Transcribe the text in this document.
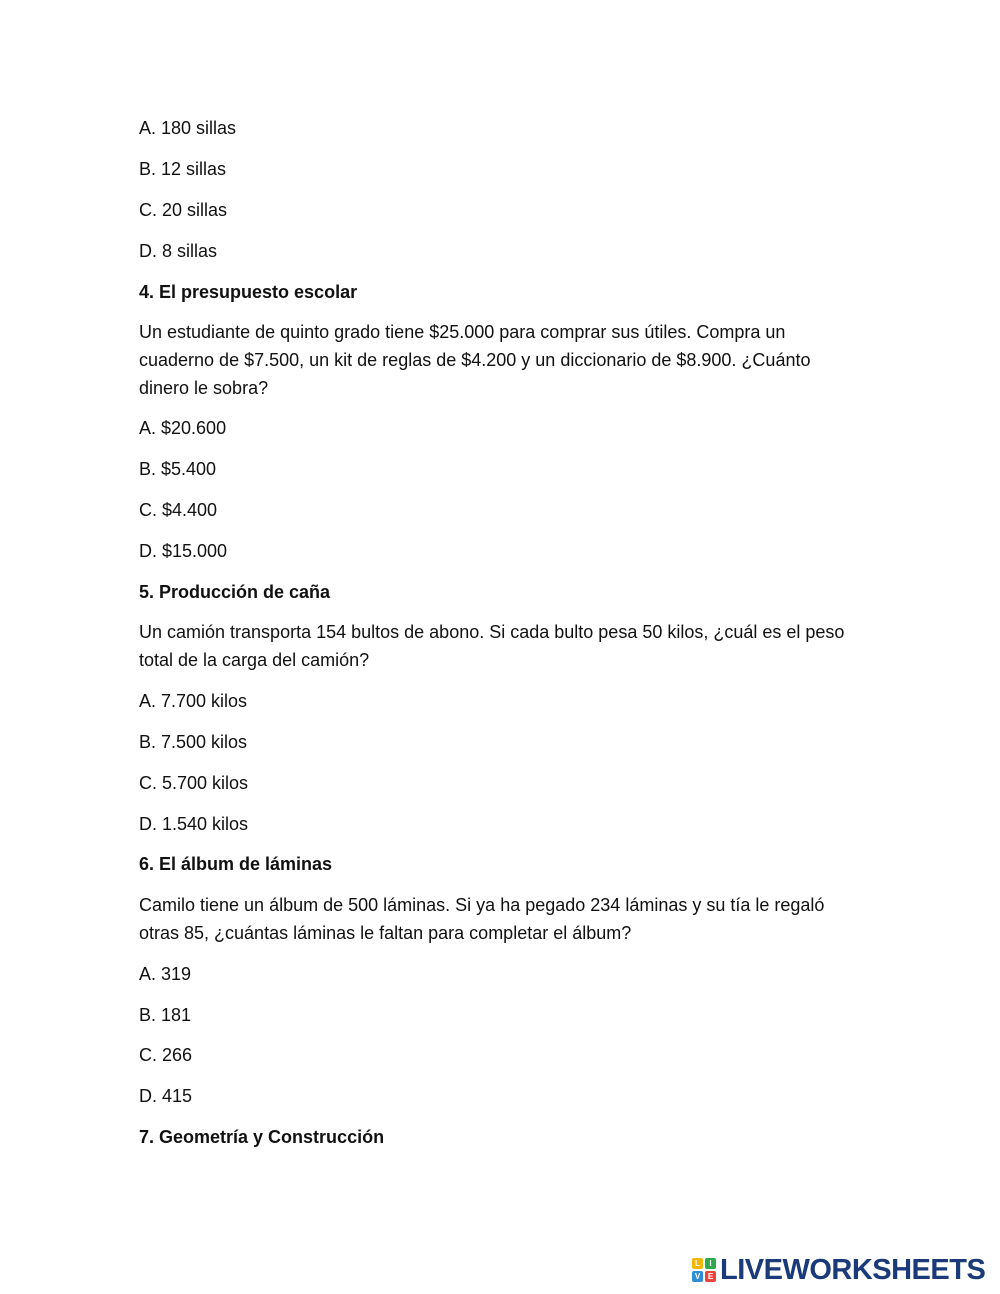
A. 180 sillas

B. 12 sillas

C. 20 sillas

D. 8 sillas

4. El presupuesto escolar

Un estudiante de quinto grado tiene $25.000 para comprar sus útiles. Compra un cuaderno de $7.500, un kit de reglas de $4.200 y un diccionario de $8.900. ¿Cuánto dinero le sobra?

A. $20.600

B. $5.400

C. $4.400

D. $15.000

5. Producción de caña

Un camión transporta 154 bultos de abono. Si cada bulto pesa 50 kilos, ¿cuál es el peso total de la carga del camión?

A. 7.700 kilos

B. 7.500 kilos

C. 5.700 kilos

D. 1.540 kilos

6. El álbum de láminas

Camilo tiene un álbum de 500 láminas. Si ya ha pegado 234 láminas y su tía le regaló otras 85, ¿cuántas láminas le faltan para completar el álbum?

A. 319

B. 181

C. 266

D. 415

7. Geometría y Construcción

L	I
V E LIVEWORKSHEETS
